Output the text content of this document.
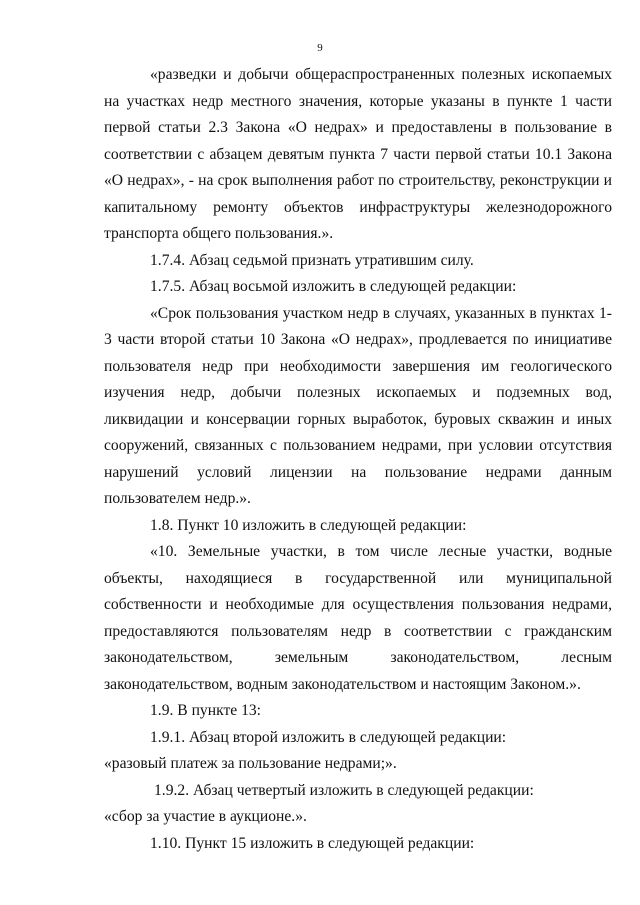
9

«разведки и добычи общераспространенных полезных ископаемых на участках недр местного значения, которые указаны в пункте 1 части первой статьи 2.3 Закона «О недрах» и предоставлены в пользование в соответствии с абзацем девятым пункта 7 части первой статьи 10.1 Закона «О недрах», - на срок выполнения работ по строительству, реконструкции и капитальному ремонту объектов инфраструктуры железнодорожного транспорта общего пользования.».

1.7.4. Абзац седьмой признать утратившим силу.

1.7.5. Абзац восьмой изложить в следующей редакции:

«Срок пользования участком недр в случаях, указанных в пунктах 1-3 части второй статьи 10 Закона «О недрах», продлевается по инициативе пользователя недр при необходимости завершения им геологического изучения недр, добычи полезных ископаемых и подземных вод, ликвидации и консервации горных выработок, буровых скважин и иных сооружений, связанных с пользованием недрами, при условии отсутствия нарушений условий лицензии на пользование недрами данным пользователем недр.».

1.8. Пункт 10 изложить в следующей редакции:

«10. Земельные участки, в том числе лесные участки, водные объекты, находящиеся в государственной или муниципальной собственности и необходимые для осуществления пользования недрами, предоставляются пользователям недр в соответствии с гражданским законодательством, земельным законодательством, лесным законодательством, водным законодательством и настоящим Законом.».

1.9. В пункте 13:

1.9.1. Абзац второй изложить в следующей редакции:

«разовый платеж за пользование недрами;».

1.9.2. Абзац четвертый изложить в следующей редакции:

«сбор за участие в аукционе.».

1.10. Пункт 15 изложить в следующей редакции:
